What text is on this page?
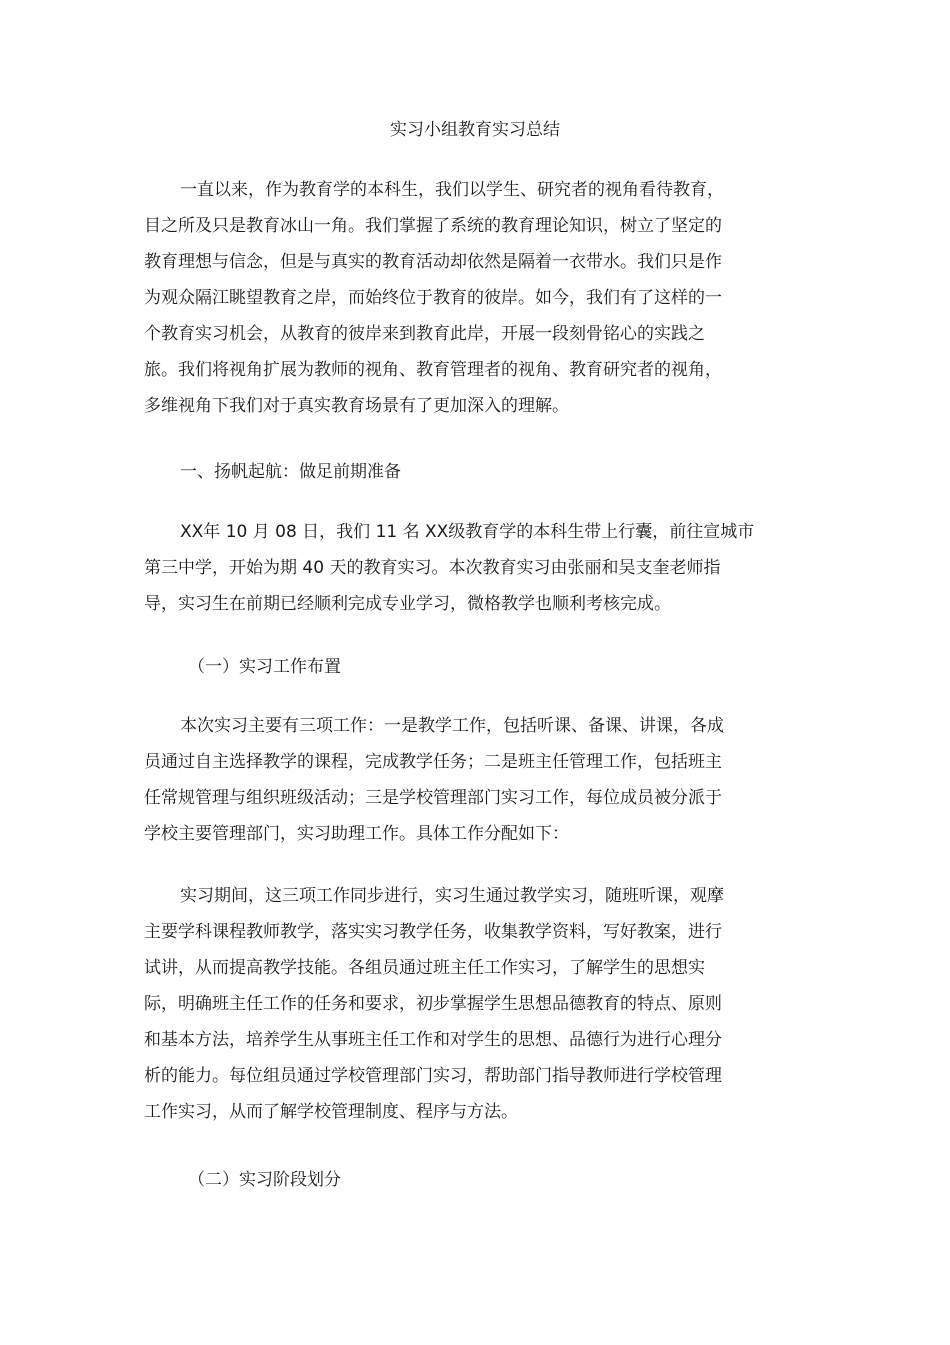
实习小组教育实习总结
一直以来，作为教育学的本科生，我们以学生、研究者的视角看待教育，
目之所及只是教育冰山一角。我们掌握了系统的教育理论知识，树立了坚定的
教育理想与信念，但是与真实的教育活动却依然是隔着一衣带水。我们只是作
为观众隔江眺望教育之岸，而始终位于教育的彼岸。如今，我们有了这样的一
个教育实习机会，从教育的彼岸来到教育此岸，开展一段刻骨铭心的实践之
旅。我们将视角扩展为教师的视角、教育管理者的视角、教育研究者的视角，
多维视角下我们对于真实教育场景有了更加深入的理解。
一、扬帆起航：做足前期准备
XX年 10 月 08 日，我们 11 名 XX级教育学的本科生带上行囊，前往宣城市
第三中学，开始为期 40 天的教育实习。本次教育实习由张丽和吴支奎老师指
导，实习生在前期已经顺利完成专业学习，微格教学也顺利考核完成。
（一）实习工作布置
本次实习主要有三项工作：一是教学工作，包括听课、备课、讲课，各成
员通过自主选择教学的课程，完成教学任务；二是班主任管理工作，包括班主
任常规管理与组织班级活动；三是学校管理部门实习工作，每位成员被分派于
学校主要管理部门，实习助理工作。具体工作分配如下：
实习期间，这三项工作同步进行，实习生通过教学实习，随班听课，观摩
主要学科课程教师教学，落实实习教学任务，收集教学资料，写好教案，进行
试讲，从而提高教学技能。各组员通过班主任工作实习，了解学生的思想实
际，明确班主任工作的任务和要求，初步掌握学生思想品德教育的特点、原则
和基本方法，培养学生从事班主任工作和对学生的思想、品德行为进行心理分
析的能力。每位组员通过学校管理部门实习，帮助部门指导教师进行学校管理
工作实习，从而了解学校管理制度、程序与方法。
（二）实习阶段划分
